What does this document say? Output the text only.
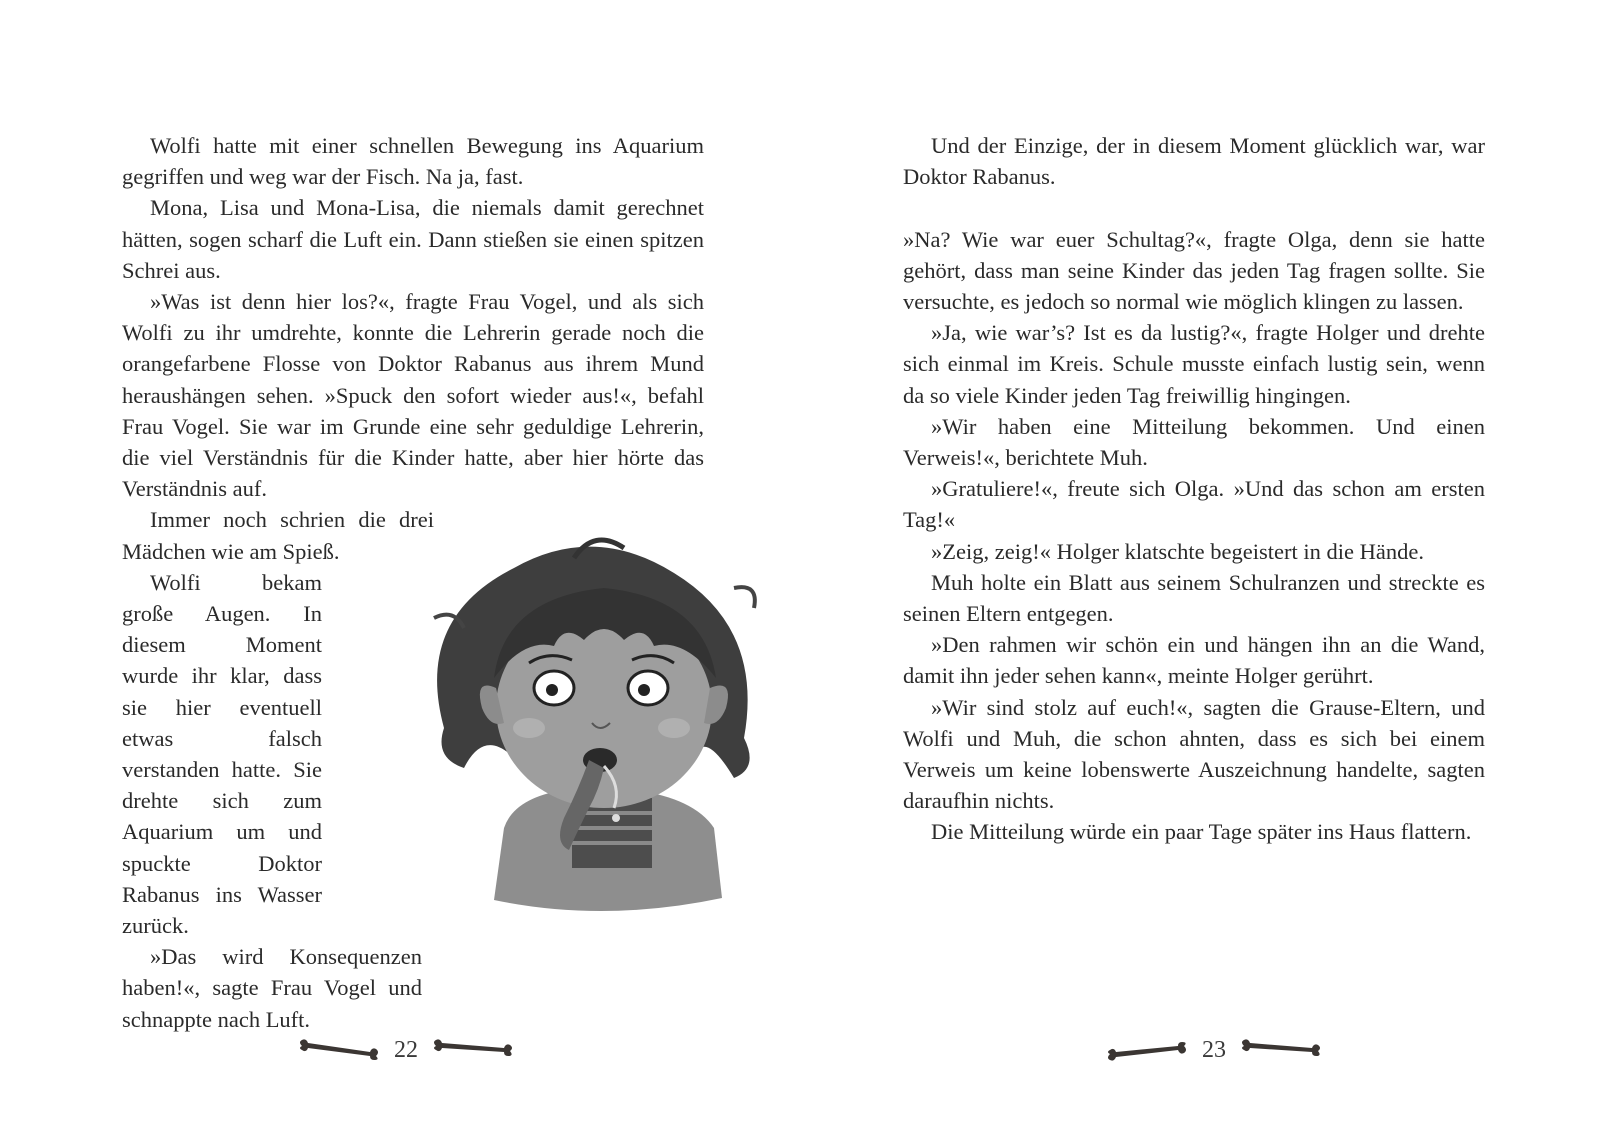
Wolfi hatte mit einer schnellen Bewegung ins Aquarium gegriffen und weg war der Fisch. Na ja, fast.

Mona, Lisa und Mona-Lisa, die niemals damit gerechnet hätten, sogen scharf die Luft ein. Dann stießen sie einen spitzen Schrei aus.

»Was ist denn hier los?«, fragte Frau Vogel, und als sich Wolfi zu ihr umdrehte, konnte die Lehrerin gerade noch die orangefarbene Flosse von Doktor Rabanus aus ihrem Mund heraushängen sehen. »Spuck den sofort wieder aus!«, befahl Frau Vogel. Sie war im Grunde eine sehr geduldige Lehrerin, die viel Verständnis für die Kinder hatte, aber hier hörte das Verständnis auf.

Immer noch schrien die drei Mädchen wie am Spieß.

Wolfi bekam große Augen. In diesem Moment wurde ihr klar, dass sie hier eventuell etwas falsch verstanden hatte. Sie drehte sich zum Aquarium um und spuckte Doktor Rabanus ins Wasser zurück.

»Das wird Konsequenzen haben!«, sagte Frau Vogel und schnappte nach Luft.

22

Und der Einzige, der in diesem Moment glücklich war, war Doktor Rabanus.

»Na? Wie war euer Schultag?«, fragte Olga, denn sie hatte gehört, dass man seine Kinder das jeden Tag fragen sollte. Sie versuchte, es jedoch so normal wie möglich klingen zu lassen.

»Ja, wie war’s? Ist es da lustig?«, fragte Holger und drehte sich einmal im Kreis. Schule musste einfach lustig sein, wenn da so viele Kinder jeden Tag freiwillig hingingen.

»Wir haben eine Mitteilung bekommen. Und einen Verweis!«, berichtete Muh.

»Gratuliere!«, freute sich Olga. »Und das schon am ersten Tag!«

»Zeig, zeig!« Holger klatschte begeistert in die Hände.

Muh holte ein Blatt aus seinem Schulranzen und streckte es seinen Eltern entgegen.

»Den rahmen wir schön ein und hängen ihn an die Wand, damit ihn jeder sehen kann«, meinte Holger gerührt.

»Wir sind stolz auf euch!«, sagten die Grause-Eltern, und Wolfi und Muh, die schon ahnten, dass es sich bei einem Verweis um keine lobenswerte Auszeichnung handelte, sagten daraufhin nichts.

Die Mitteilung würde ein paar Tage später ins Haus flattern.

23
